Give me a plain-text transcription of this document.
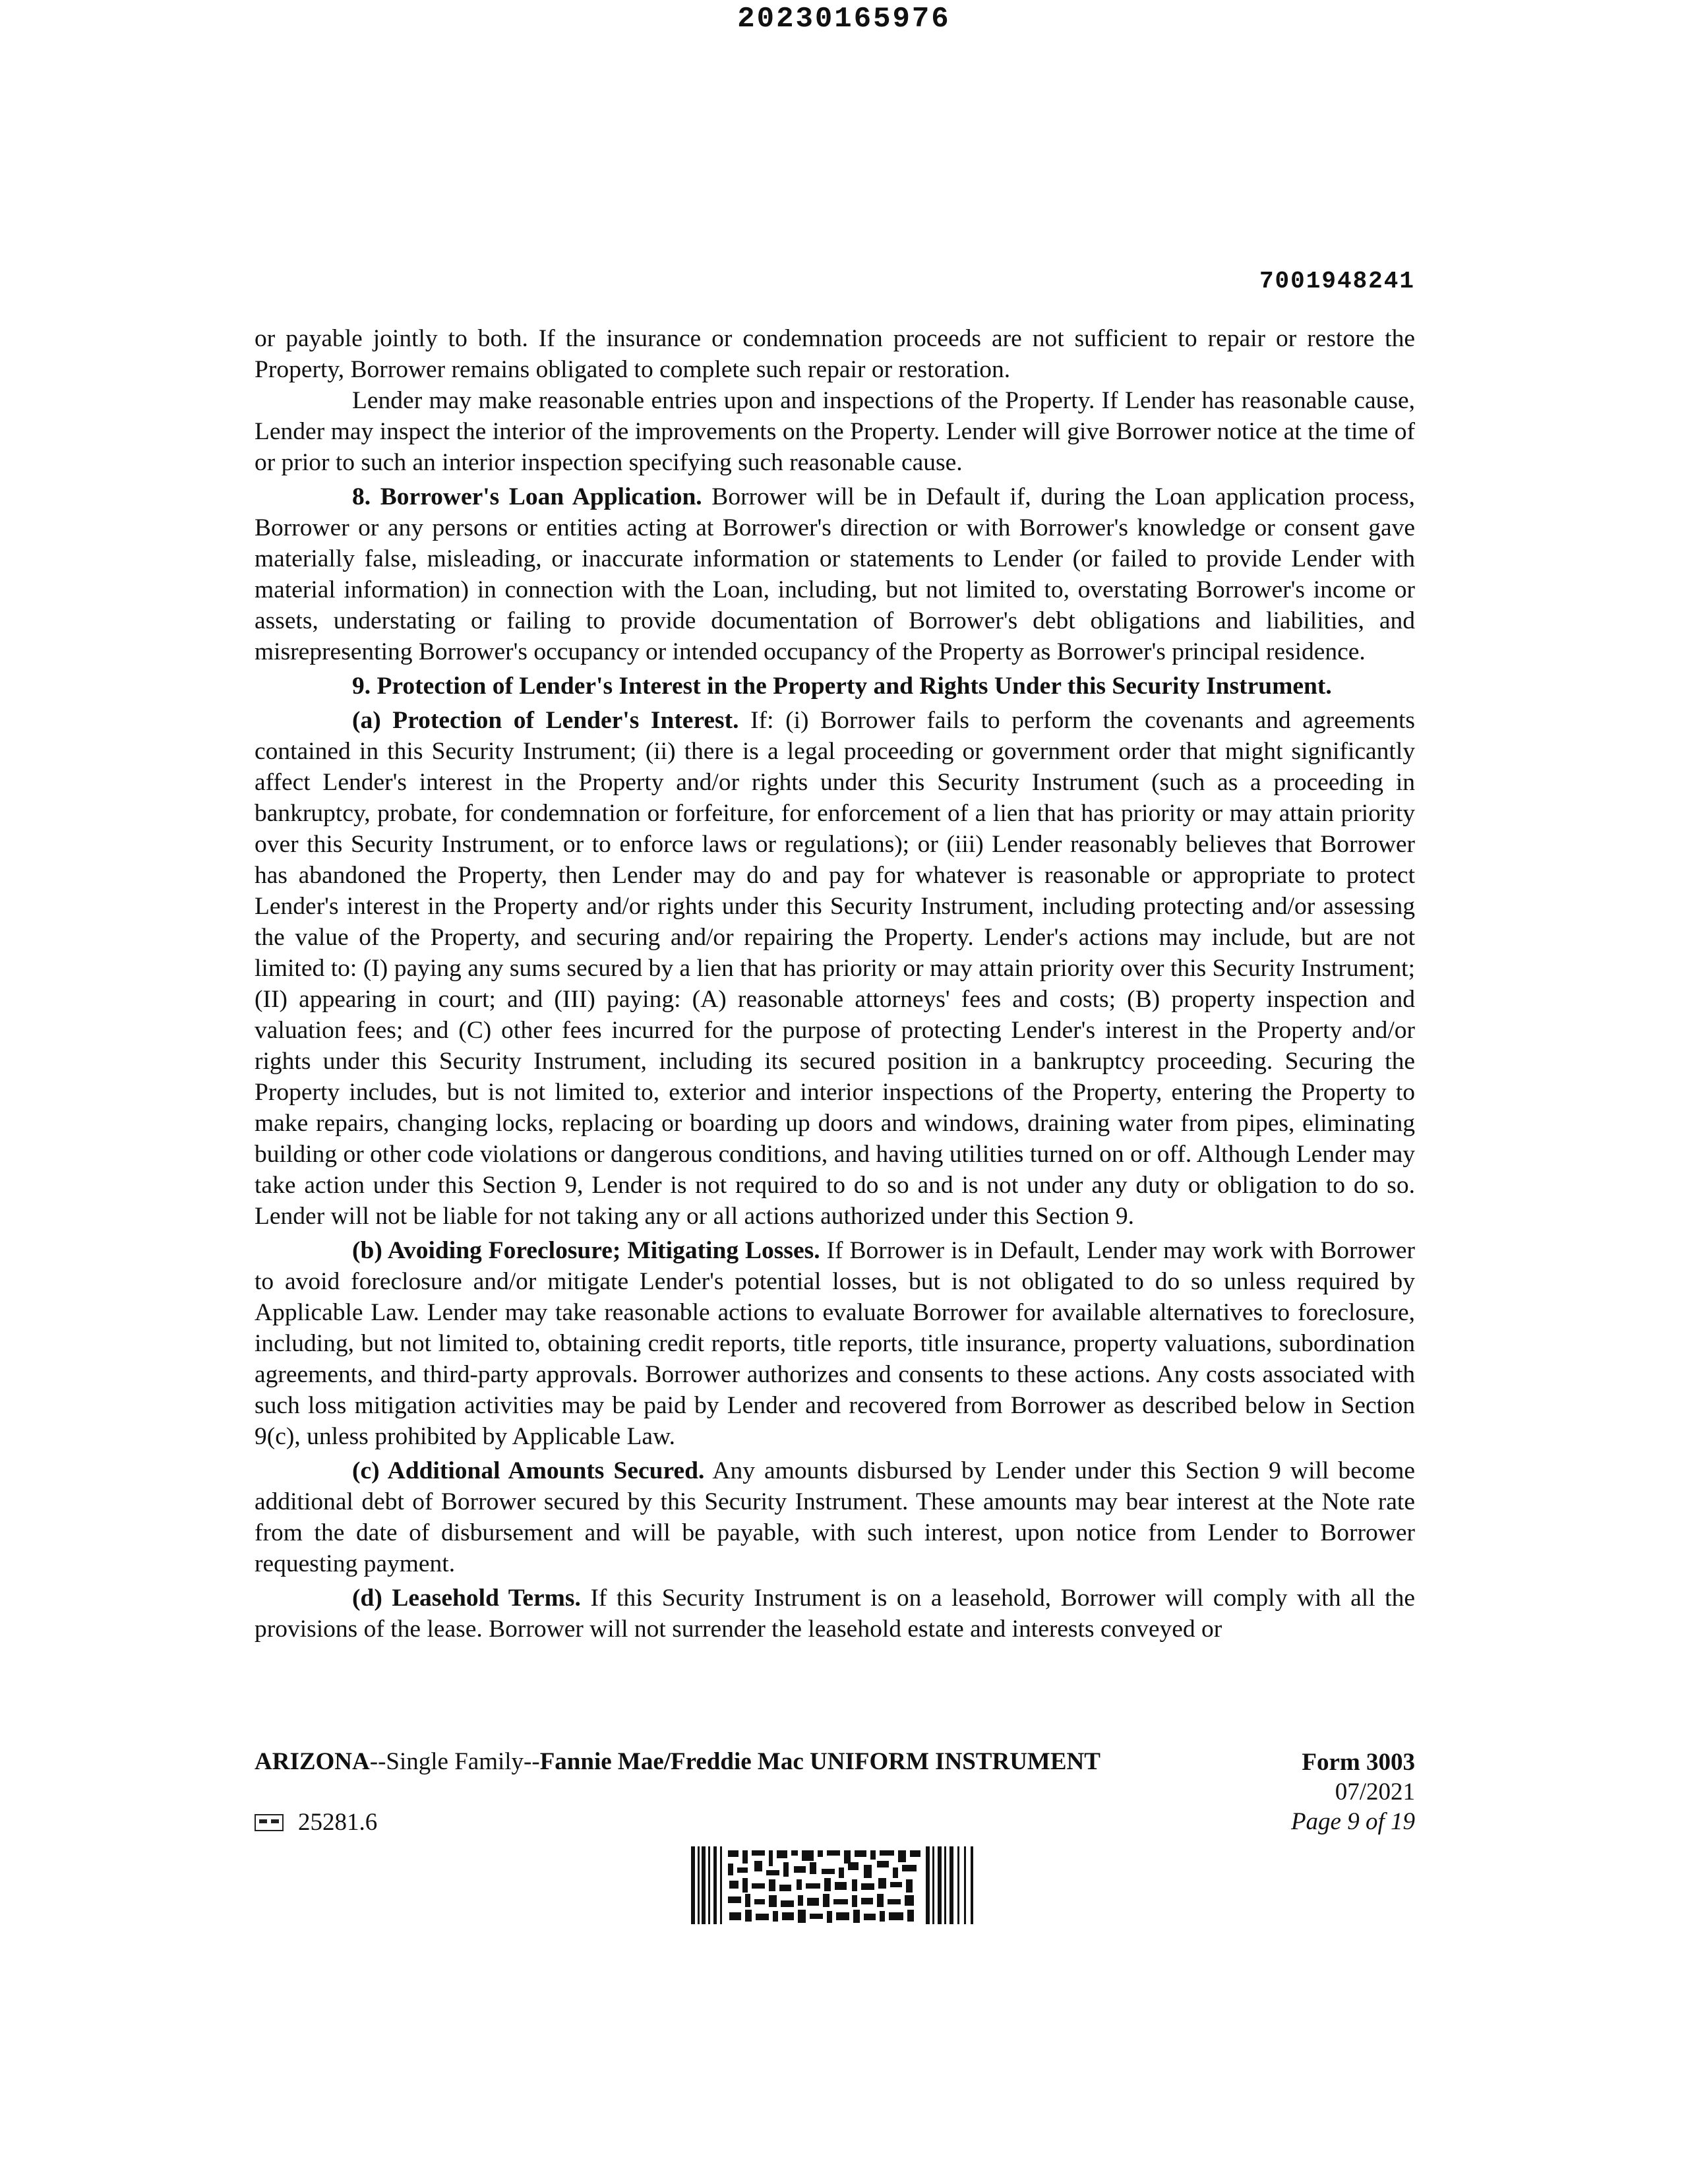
20230165976
7001948241

or payable jointly to both. If the insurance or condemnation proceeds are not sufficient to repair or restore the Property, Borrower remains obligated to complete such repair or restoration.

Lender may make reasonable entries upon and inspections of the Property. If Lender has reasonable cause, Lender may inspect the interior of the improvements on the Property. Lender will give Borrower notice at the time of or prior to such an interior inspection specifying such reasonable cause.

8. Borrower's Loan Application. Borrower will be in Default if, during the Loan application process, Borrower or any persons or entities acting at Borrower's direction or with Borrower's knowledge or consent gave materially false, misleading, or inaccurate information or statements to Lender (or failed to provide Lender with material information) in connection with the Loan, including, but not limited to, overstating Borrower's income or assets, understating or failing to provide documentation of Borrower's debt obligations and liabilities, and misrepresenting Borrower's occupancy or intended occupancy of the Property as Borrower's principal residence.

9. Protection of Lender's Interest in the Property and Rights Under this Security Instrument.

(a) Protection of Lender's Interest. If: (i) Borrower fails to perform the covenants and agreements contained in this Security Instrument; (ii) there is a legal proceeding or government order that might significantly affect Lender's interest in the Property and/or rights under this Security Instrument (such as a proceeding in bankruptcy, probate, for condemnation or forfeiture, for enforcement of a lien that has priority or may attain priority over this Security Instrument, or to enforce laws or regulations); or (iii) Lender reasonably believes that Borrower has abandoned the Property, then Lender may do and pay for whatever is reasonable or appropriate to protect Lender's interest in the Property and/or rights under this Security Instrument, including protecting and/or assessing the value of the Property, and securing and/or repairing the Property. Lender's actions may include, but are not limited to: (I) paying any sums secured by a lien that has priority or may attain priority over this Security Instrument; (II) appearing in court; and (III) paying: (A) reasonable attorneys' fees and costs; (B) property inspection and valuation fees; and (C) other fees incurred for the purpose of protecting Lender's interest in the Property and/or rights under this Security Instrument, including its secured position in a bankruptcy proceeding. Securing the Property includes, but is not limited to, exterior and interior inspections of the Property, entering the Property to make repairs, changing locks, replacing or boarding up doors and windows, draining water from pipes, eliminating building or other code violations or dangerous conditions, and having utilities turned on or off. Although Lender may take action under this Section 9, Lender is not required to do so and is not under any duty or obligation to do so. Lender will not be liable for not taking any or all actions authorized under this Section 9.

(b) Avoiding Foreclosure; Mitigating Losses. If Borrower is in Default, Lender may work with Borrower to avoid foreclosure and/or mitigate Lender's potential losses, but is not obligated to do so unless required by Applicable Law. Lender may take reasonable actions to evaluate Borrower for available alternatives to foreclosure, including, but not limited to, obtaining credit reports, title reports, title insurance, property valuations, subordination agreements, and third-party approvals. Borrower authorizes and consents to these actions. Any costs associated with such loss mitigation activities may be paid by Lender and recovered from Borrower as described below in Section 9(c), unless prohibited by Applicable Law.

(c) Additional Amounts Secured. Any amounts disbursed by Lender under this Section 9 will become additional debt of Borrower secured by this Security Instrument. These amounts may bear interest at the Note rate from the date of disbursement and will be payable, with such interest, upon notice from Lender to Borrower requesting payment.

(d) Leasehold Terms. If this Security Instrument is on a leasehold, Borrower will comply with all the provisions of the lease. Borrower will not surrender the leasehold estate and interests conveyed or

ARIZONA--Single Family--Fannie Mae/Freddie Mac UNIFORM INSTRUMENT	Form 3003
07/2021
Page 9 of 19
25281.6
